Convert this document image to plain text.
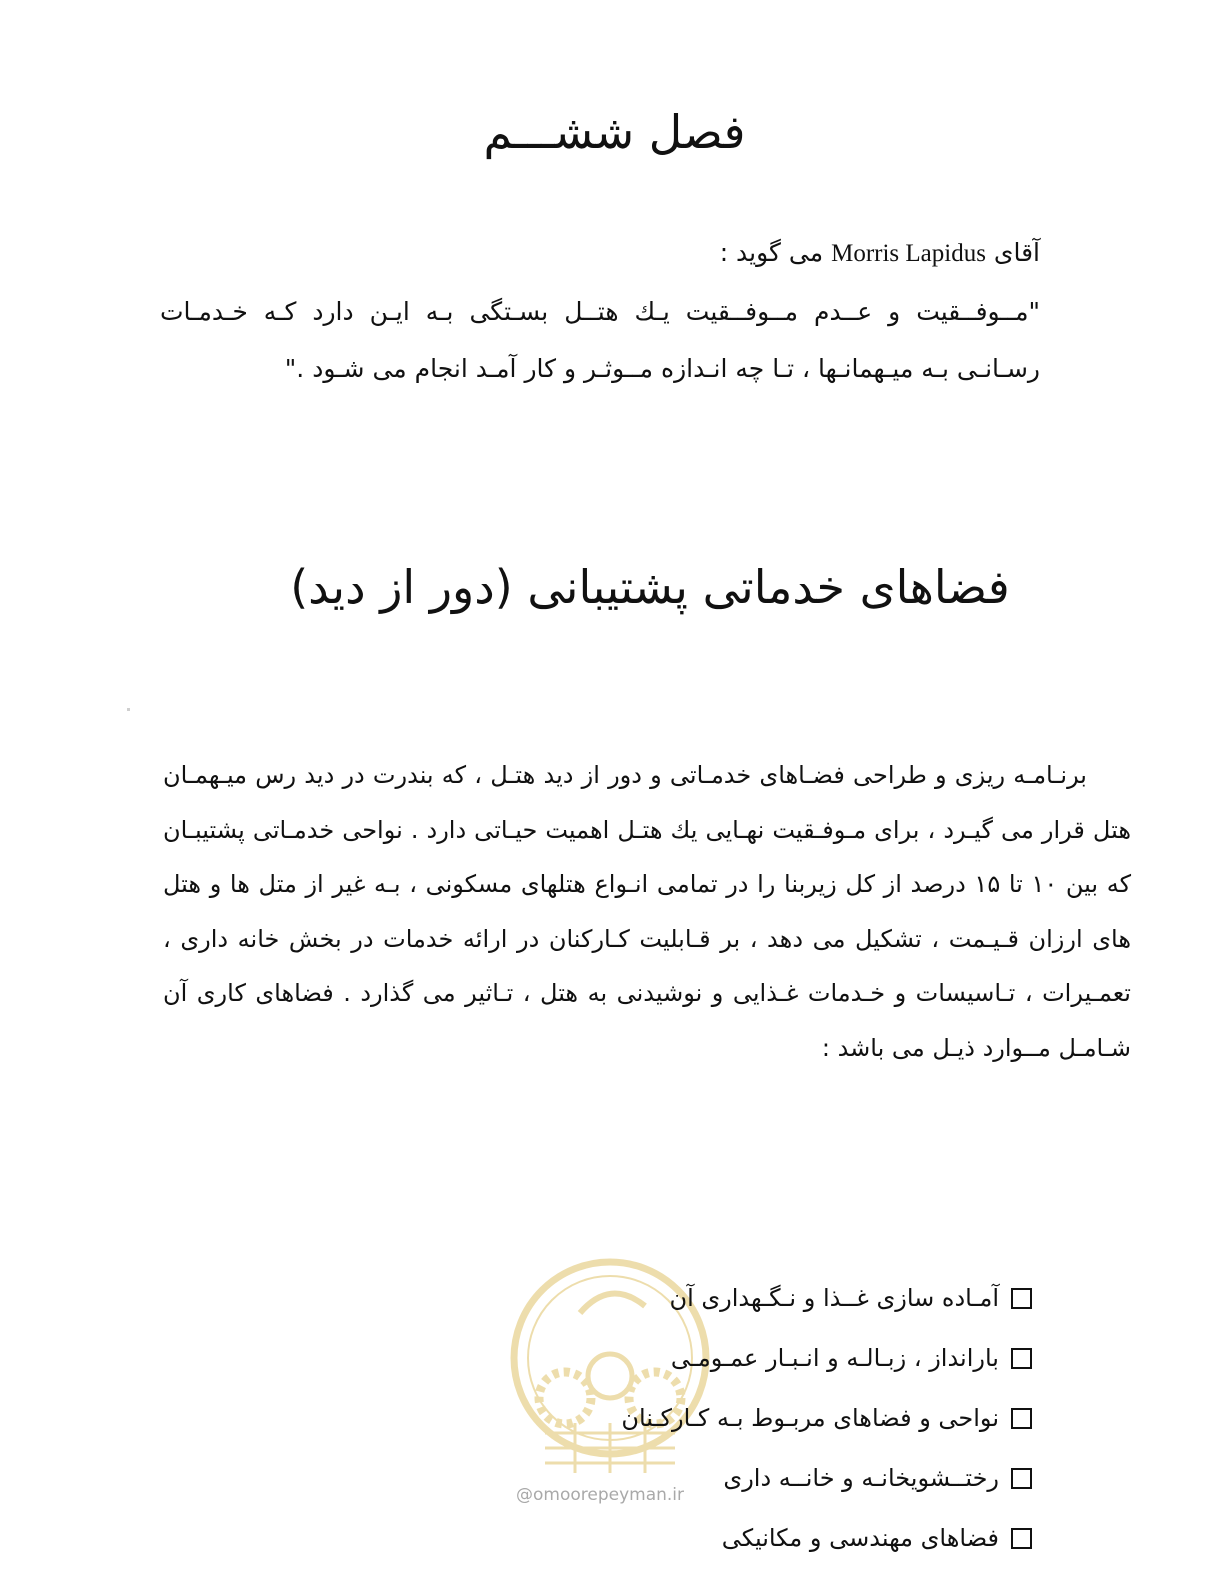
فصل ششـــم

آقای Morris Lapidus می گوید :

"مــوفــقيت و عــدم مــوفــقيت يـك هتــل بسـتگی بـه ايـن دارد كـه خـدمـات رسـانـی بـه ميـهمانـها ، تـا چه انـدازه مــوثـر و كار آمـد انجام می شـود ."

فضاهای خدماتی پشتیبانی (دور از دید)

برنـامـه ريزی و طراحی فضـاهای خدمـاتی و دور از ديد هتـل ، كه بندرت در ديد رس ميـهمـان هتل قرار می گيـرد ، برای مـوفـقيت نهـايی يك هتـل اهميت حيـاتی دارد . نواحی خدمـاتی پشتيبـان كه بين ۱۰ تا ۱۵ درصد از كل زيربنا را در تمامی انـواع هتلهای مسكونی ، بـه غير از متل ها و هتل های ارزان قـيـمت ، تشكيل می دهد ، بر قـابليت كـاركنان در ارائه خدمات در بخش خانه داری ، تعمـيرات ، تـاسيسات و خـدمات غـذايی و نوشيدنی به هتل ، تـاثير می گذارد . فضاهای كاری آن شـامـل مــوارد ذيـل می باشد :

@omoorepeyman.ir
آمـاده سازی غــذا و نـگـهداری آن
بارانداز ، زبـالـه و انـبـار عمـومـی
نواحی و فضاهای مربـوط بـه كـاركـنان
رختــشويخانـه و خانــه داری
فضاهای مهندسی و مكانيكی
